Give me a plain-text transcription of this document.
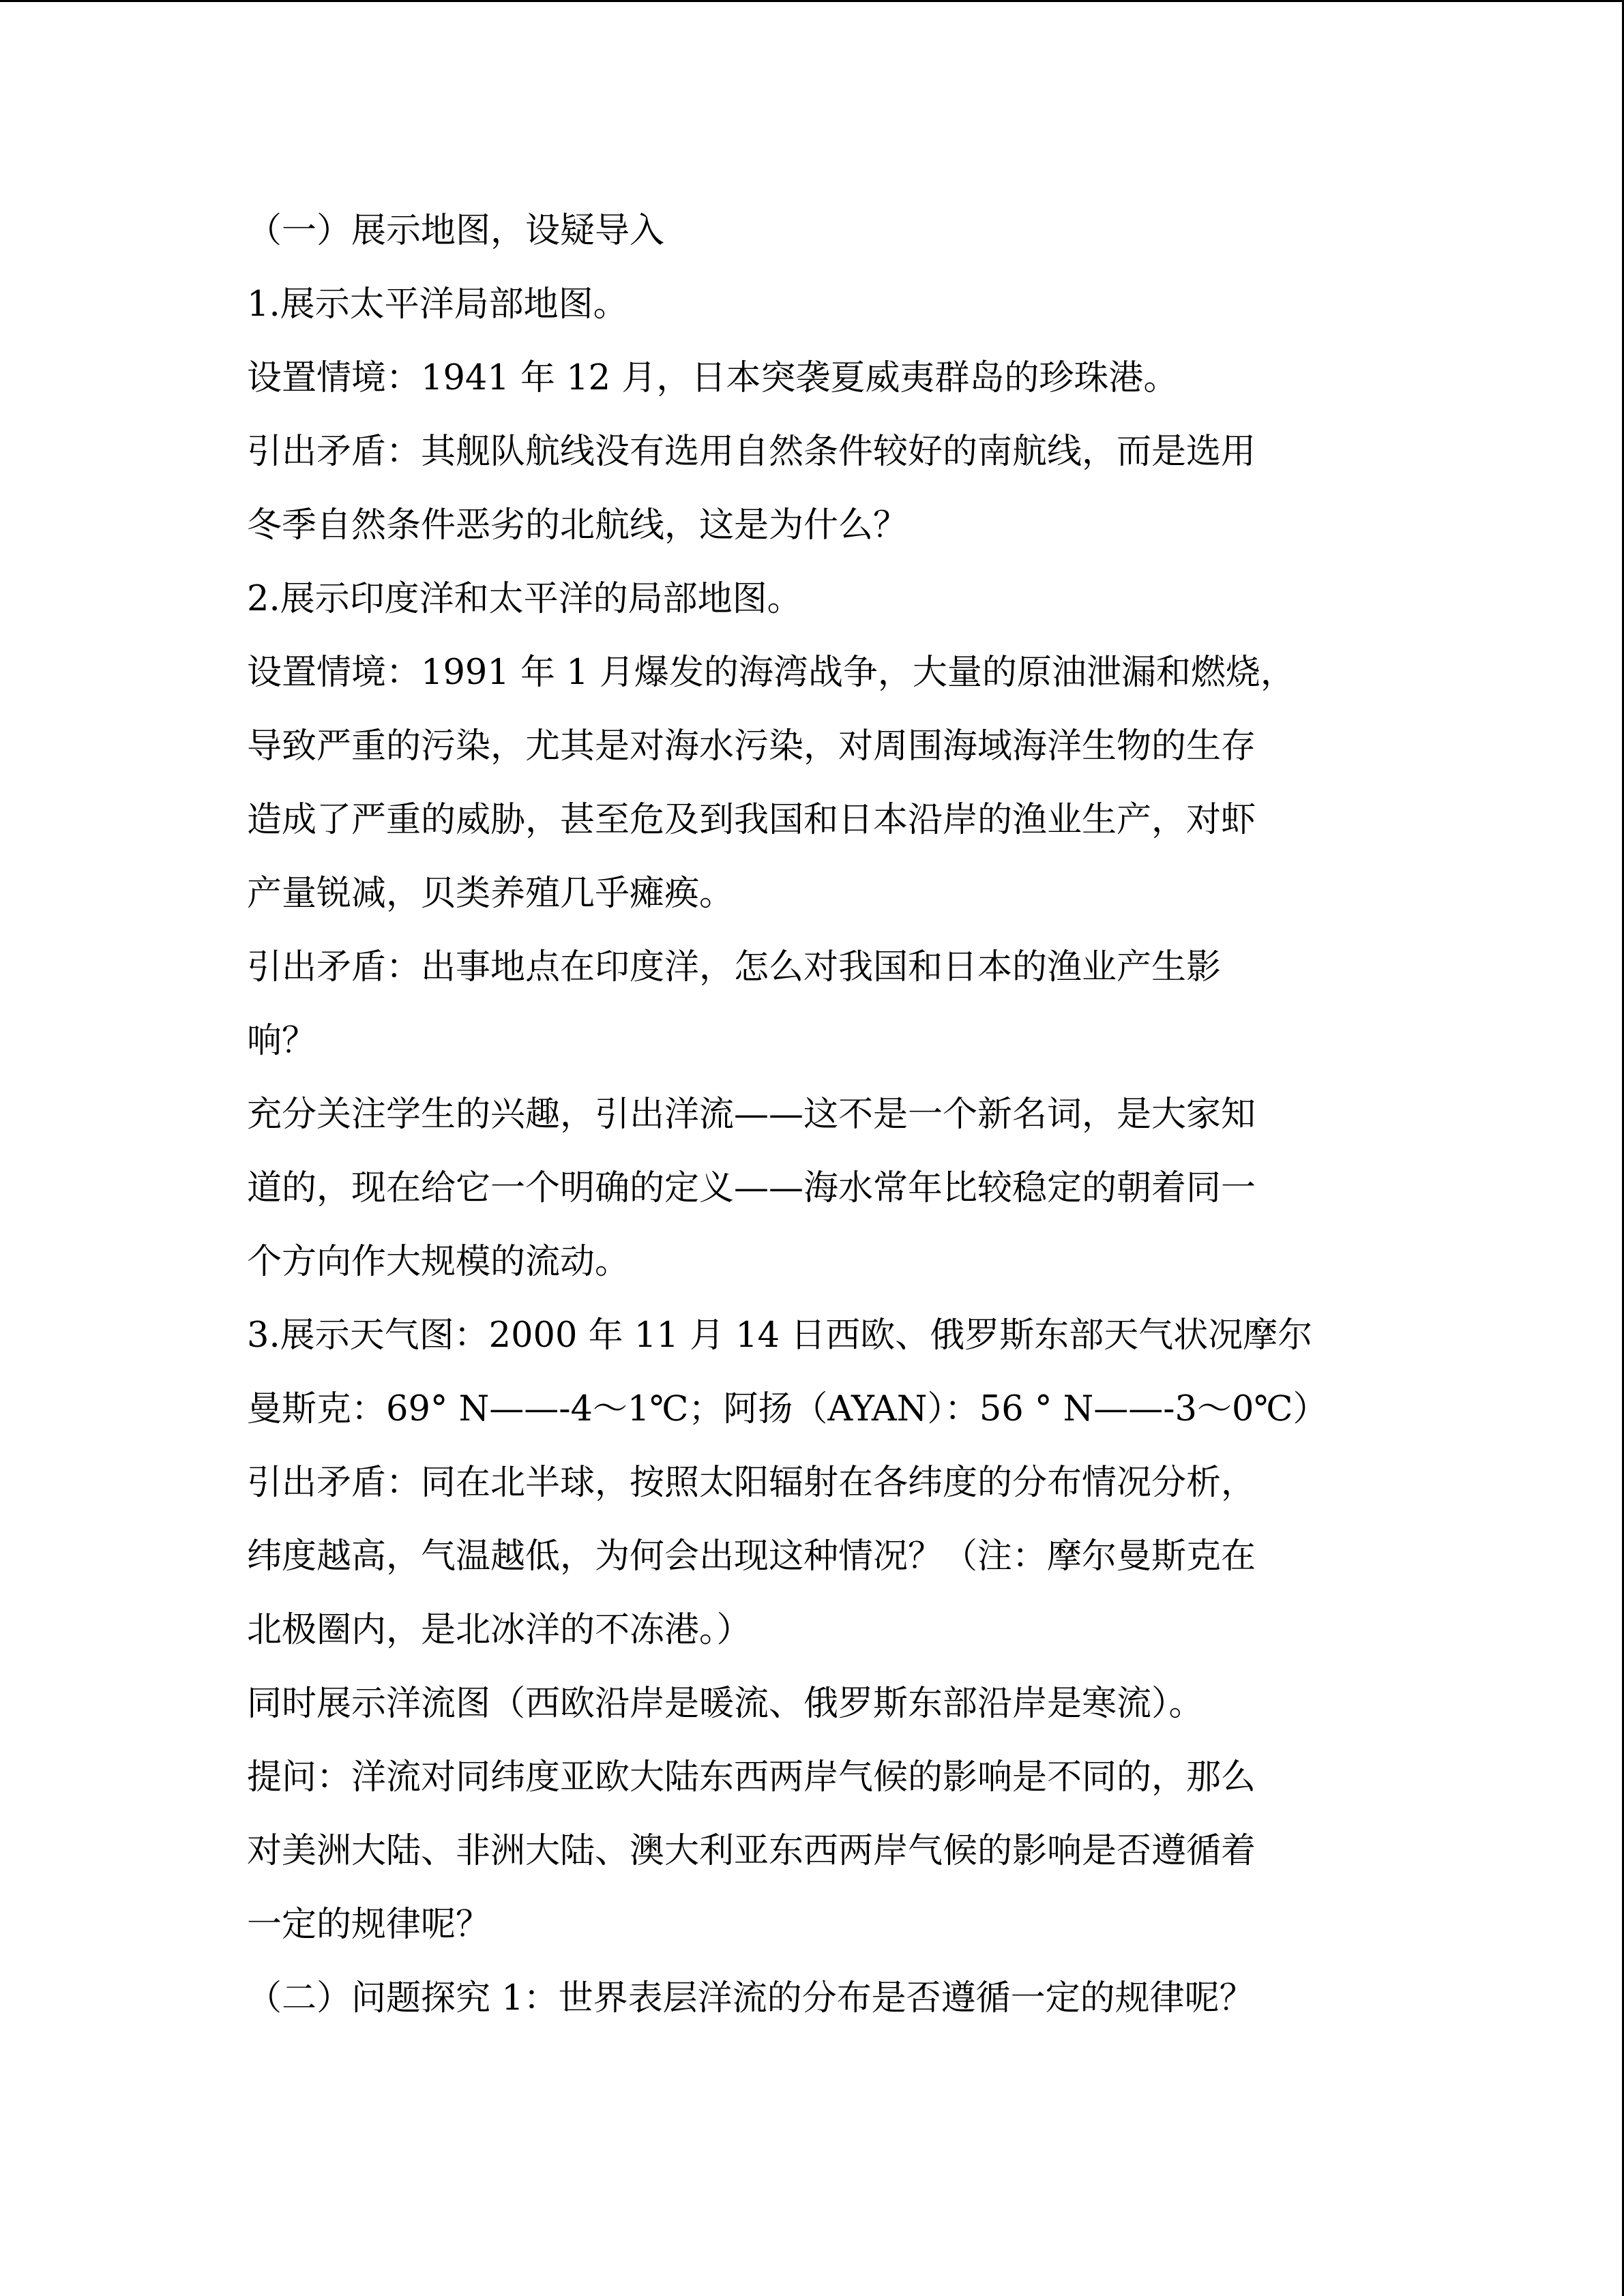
（一）展示地图，设疑导入
1.展示太平洋局部地图。
设置情境：1941 年 12 月，日本突袭夏威夷群岛的珍珠港。
引出矛盾：其舰队航线没有选用自然条件较好的南航线，而是选用
冬季自然条件恶劣的北航线，这是为什么？
2.展示印度洋和太平洋的局部地图。
设置情境：1991 年 1 月爆发的海湾战争，大量的原油泄漏和燃烧，
导致严重的污染，尤其是对海水污染，对周围海域海洋生物的生存
造成了严重的威胁，甚至危及到我国和日本沿岸的渔业生产，对虾
产量锐减，贝类养殖几乎瘫痪。
引出矛盾：出事地点在印度洋，怎么对我国和日本的渔业产生影
响？
充分关注学生的兴趣，引出洋流——这不是一个新名词，是大家知
道的，现在给它一个明确的定义——海水常年比较稳定的朝着同一
个方向作大规模的流动。
3.展示天气图：2000 年 11 月 14 日西欧、俄罗斯东部天气状况摩尔
曼斯克：69° N——-4～1℃；阿扬（AYAN）：56 ° N——-3～0℃）
引出矛盾：同在北半球，按照太阳辐射在各纬度的分布情况分析，
纬度越高，气温越低，为何会出现这种情况？（注：摩尔曼斯克在
北极圈内，是北冰洋的不冻港。）
同时展示洋流图（西欧沿岸是暖流、俄罗斯东部沿岸是寒流）。
提问：洋流对同纬度亚欧大陆东西两岸气候的影响是不同的，那么
对美洲大陆、非洲大陆、澳大利亚东西两岸气候的影响是否遵循着
一定的规律呢？
（二）问题探究 1：世界表层洋流的分布是否遵循一定的规律呢？
